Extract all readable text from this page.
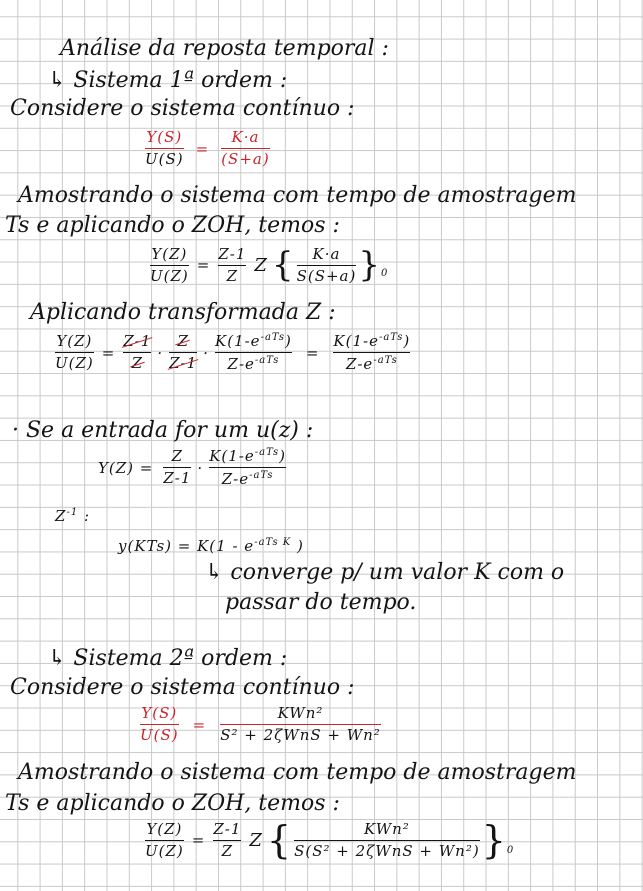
Análise da reposta temporal :
↳ Sistema 1ª ordem :
Considere o sistema contínuo :
$\frac{Y(S)}{U(S)} = \frac{K\cdot a}{(S+a)}$
Amostrando o sistema com tempo de amostragem
Ts e aplicando o ZOH, temos :
$\frac{Y(Z)}{U(Z)} = \frac{Z-1}{Z}$ Z { $\frac{K\cdot a}{S(S+a)}$ } 0
Aplicando transformada Z :
$\frac{Y(Z)}{U(Z)} = \frac{Z-1}{Z} \cdot \frac{Z}{Z-1} \cdot \frac{K(1-e^{-aTs})}{Z-e^{-aTs}} = \frac{K(1-e^{-aTs})}{Z-e^{-aTs}}$
· Se a entrada for um u(z) :
$Y(Z) = \frac{Z}{Z-1} \cdot \frac{K(1-e^{-aTs})}{Z-e^{-aTs}}$
$Z^{-1}$ :
$y(KTs) = K(1 - e^{-aTs K}$ )
↳ converge p/ um valor K com o
passar do tempo.
↳ Sistema 2ª ordem :
Considere o sistema contínuo :
$\frac{Y(S)}{U(S)} = \frac{\text{KWn²}}{\text{S² + 2ζWnS + Wn²}}$
Amostrando o sistema com tempo de amostragem
Ts e aplicando o ZOH, temos :
$\frac{Y(Z)}{U(Z)} = \frac{Z-1}{Z}$ Z { $\frac{\text{KWn²}}{\text{S(S² + 2ζWnS + Wn²)}}$ } 0
